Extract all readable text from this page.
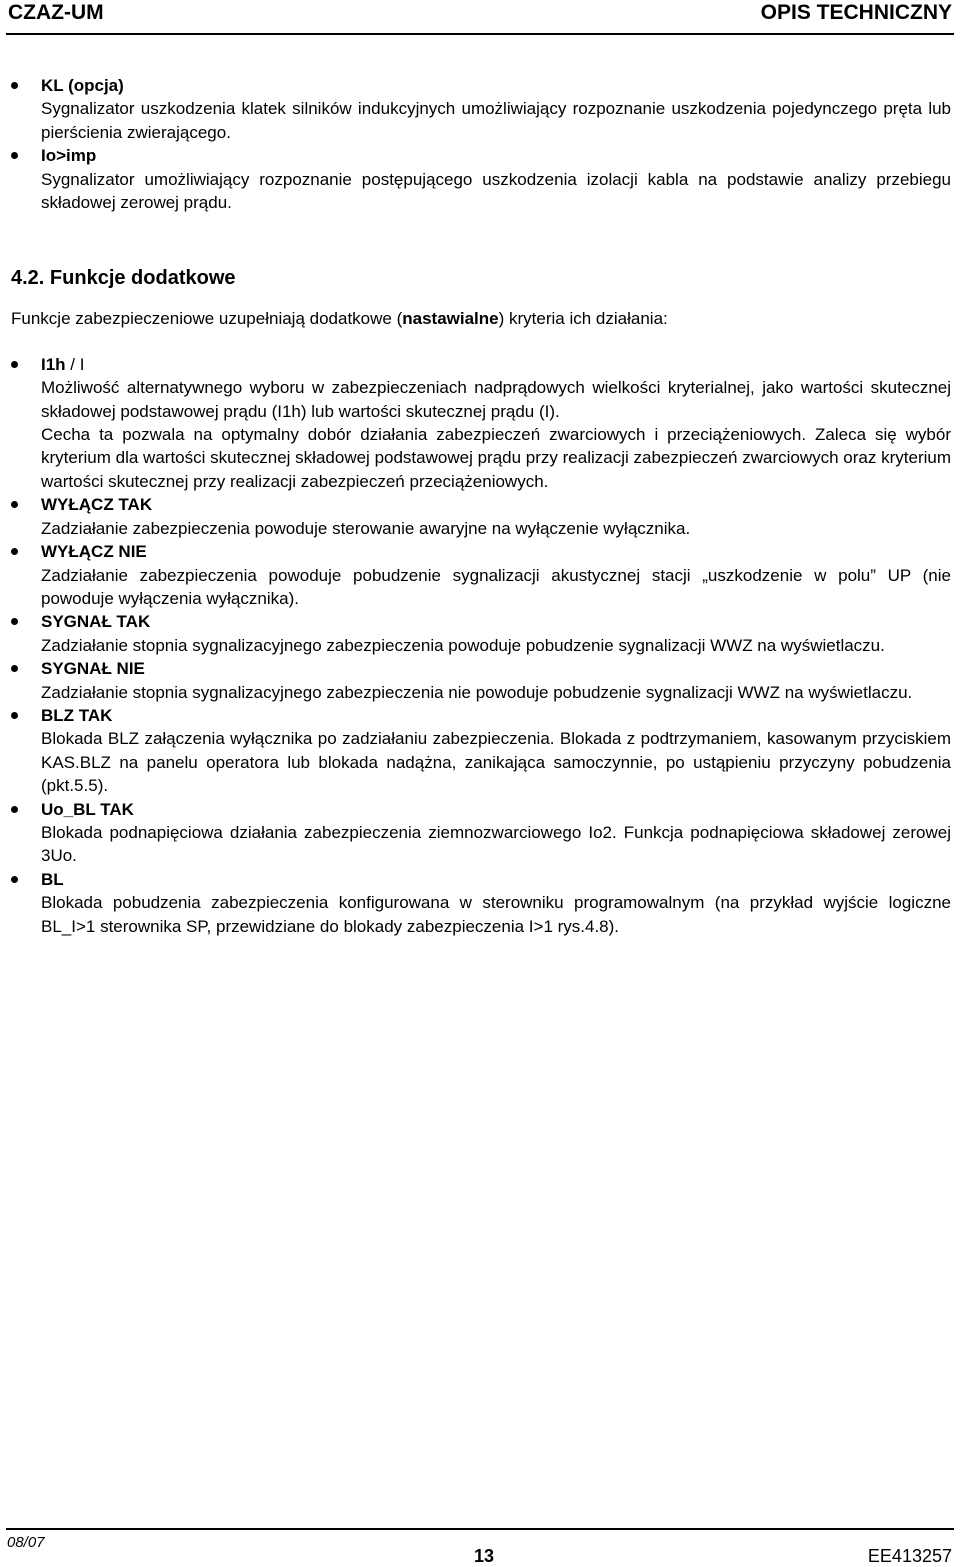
CZAZ-UM	OPIS TECHNICZNY
KL (opcja)
Sygnalizator uszkodzenia klatek silników indukcyjnych umożliwiający rozpoznanie uszkodzenia pojedynczego pręta lub pierścienia zwierającego.
Io>imp
Sygnalizator umożliwiający rozpoznanie postępującego uszkodzenia izolacji kabla na podstawie analizy przebiegu składowej zerowej prądu.
4.2. Funkcje dodatkowe
Funkcje zabezpieczeniowe uzupełniają dodatkowe (nastawialne) kryteria ich działania:
I1h / I
Możliwość alternatywnego wyboru w zabezpieczeniach nadprądowych wielkości kryterialnej, jako wartości skutecznej składowej podstawowej prądu (I1h) lub wartości skutecznej prądu (I).
Cecha ta pozwala na optymalny dobór działania zabezpieczeń zwarciowych i przeciążeniowych. Zaleca się wybór kryterium dla wartości skutecznej składowej podstawowej prądu przy realizacji zabezpieczeń zwarciowych oraz kryterium wartości skutecznej przy realizacji zabezpieczeń przeciążeniowych.
WYŁĄCZ TAK
Zadziałanie zabezpieczenia powoduje sterowanie awaryjne na wyłączenie wyłącznika.
WYŁĄCZ NIE
Zadziałanie zabezpieczenia powoduje pobudzenie sygnalizacji akustycznej stacji „uszkodzenie w polu” UP (nie powoduje wyłączenia wyłącznika).
SYGNAŁ TAK
Zadziałanie stopnia sygnalizacyjnego zabezpieczenia powoduje pobudzenie sygnalizacji WWZ na wyświetlaczu.
SYGNAŁ NIE
Zadziałanie stopnia sygnalizacyjnego zabezpieczenia nie powoduje pobudzenie sygnalizacji WWZ na wyświetlaczu.
BLZ TAK
Blokada BLZ załączenia wyłącznika po zadziałaniu zabezpieczenia. Blokada z podtrzymaniem, kasowanym przyciskiem KAS.BLZ na panelu operatora lub blokada nadążna, zanikająca samoczynnie, po ustąpieniu przyczyny pobudzenia (pkt.5.5).
Uo_BL TAK
Blokada podnapięciowa działania zabezpieczenia ziemnozwarciowego Io2. Funkcja podnapięciowa składowej zerowej 3Uo.
BL
Blokada pobudzenia zabezpieczenia konfigurowana w sterowniku programowalnym (na przykład wyjście logiczne BL_I>1 sterownika SP, przewidziane do blokady zabezpieczenia I>1 rys.4.8).
08/07
13	EE413257
